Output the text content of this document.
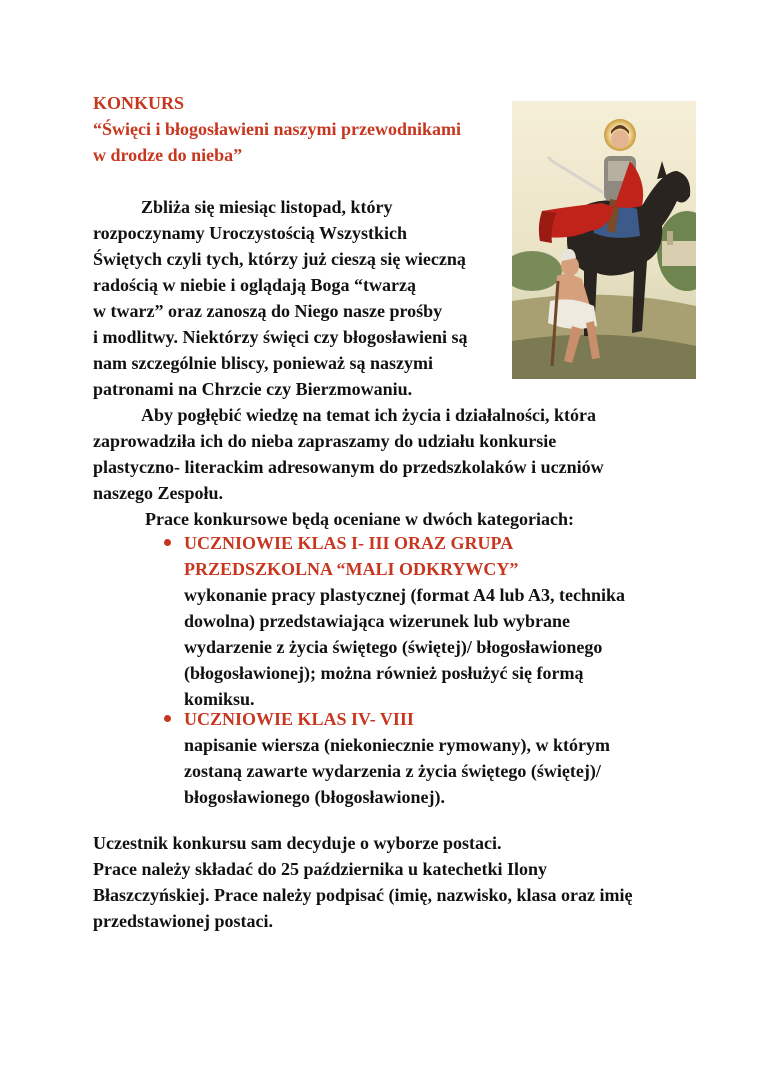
KONKURS
“Święci i błogosławieni naszymi przewodnikami
w drodze do nieba”
Zbliża się miesiąc listopad, który
rozpoczynamy Uroczystością Wszystkich
Świętych czyli tych, którzy już cieszą się wieczną
radością w niebie i oglądają Boga “twarzą
w twarz” oraz zanoszą do Niego nasze prośby
i modlitwy. Niektórzy święci czy błogosławieni są
nam szczególnie bliscy, ponieważ są naszymi
patronami na Chrzcie czy Bierzmowaniu.
Aby pogłębić wiedzę na temat ich życia i działalności, która
zaprowadziła ich do nieba zapraszamy do udziału konkursie
plastyczno- literackim adresowanym do przedszkolaków i uczniów
naszego Zespołu.
Prace konkursowe będą oceniane w dwóch kategoriach:
UCZNIOWIE KLAS I- III ORAZ GRUPA
PRZEDSZKOLNA “MALI ODKRYWCY”
wykonanie pracy plastycznej (format A4 lub A3, technika
dowolna) przedstawiająca wizerunek lub wybrane
wydarzenie z życia świętego (świętej)/ błogosławionego
(błogosławionej); można również posłużyć się formą
komiksu.
UCZNIOWIE KLAS IV- VIII
napisanie wiersza (niekoniecznie rymowany), w którym
zostaną zawarte wydarzenia z życia świętego (świętej)/
błogosławionego (błogosławionej).
Uczestnik konkursu sam decyduje o wyborze postaci.
Prace należy składać do 25 października u katechetki Ilony
Błaszczyńskiej. Prace należy podpisać (imię, nazwisko, klasa oraz imię
przedstawionej postaci.
